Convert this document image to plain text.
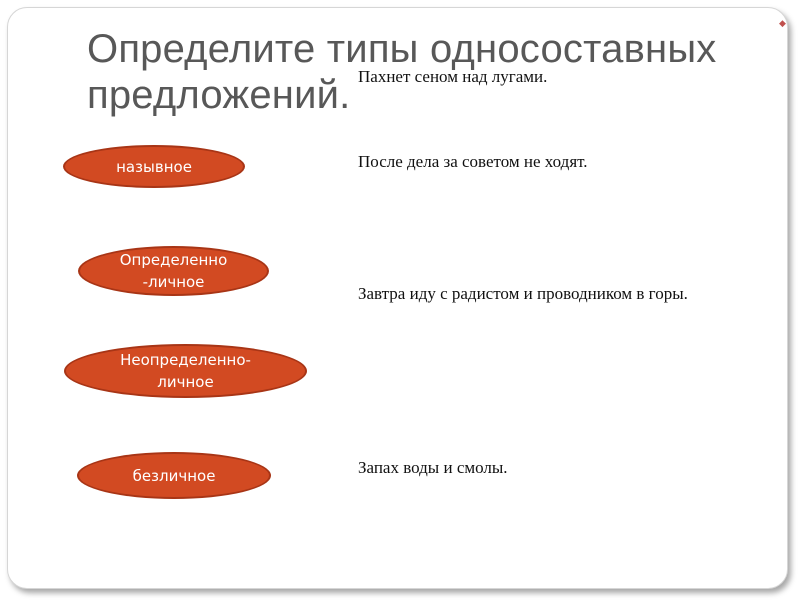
◆
Определите типы односоставных предложений.
назывное
Определенно -личное
Неопределенно-личное
безличное

Пахнет сеном над лугами.

После дела за советом не ходят.

Завтра иду с радистом и проводником в горы.

Запах воды и смолы.
